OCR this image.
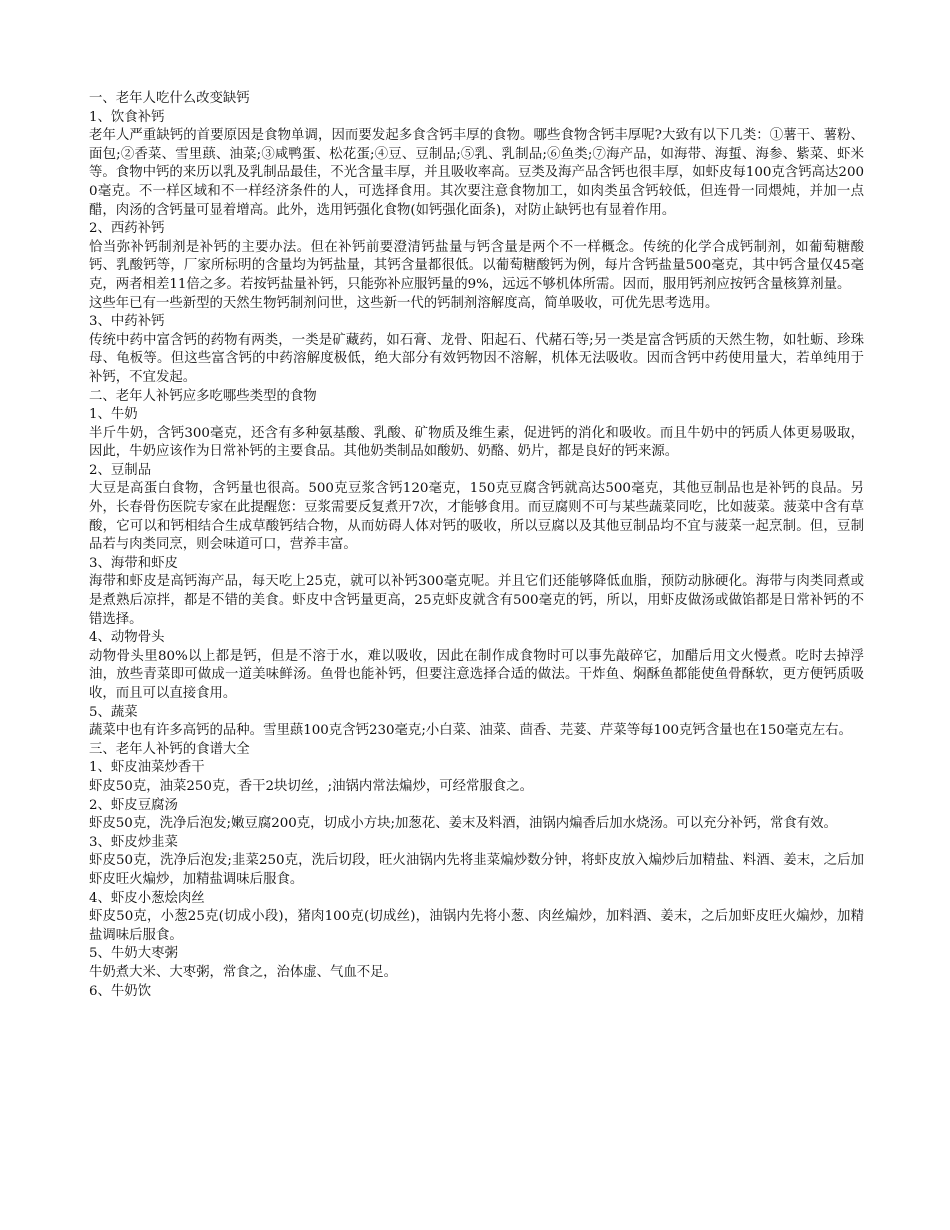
一、老年人吃什么改变缺钙

1、饮食补钙

老年人严重缺钙的首要原因是食物单调，因而要发起多食含钙丰厚的食物。哪些食物含钙丰厚呢?大致有以下几类：①薯干、薯粉、面包;②香菜、雪里蕻、油菜;③咸鸭蛋、松花蛋;④豆、豆制品;⑤乳、乳制品;⑥鱼类;⑦海产品，如海带、海蜇、海参、紫菜、虾米等。食物中钙的来历以乳及乳制品最佳，不光含量丰厚，并且吸收率高。豆类及海产品含钙也很丰厚，如虾皮每100克含钙高达2000毫克。不一样区域和不一样经济条件的人，可选择食用。其次要注意食物加工，如肉类虽含钙较低，但连骨一同煨炖，并加一点醋，肉汤的含钙量可显着增高。此外，选用钙强化食物(如钙强化面条)，对防止缺钙也有显着作用。

2、西药补钙

恰当弥补钙制剂是补钙的主要办法。但在补钙前要澄清钙盐量与钙含量是两个不一样概念。传统的化学合成钙制剂，如葡萄糖酸钙、乳酸钙等，厂家所标明的含量均为钙盐量，其钙含量都很低。以葡萄糖酸钙为例，每片含钙盐量500毫克，其中钙含量仅45毫克，两者相差11倍之多。若按钙盐量补钙，只能弥补应服钙量的9%，远远不够机体所需。因而，服用钙剂应按钙含量核算剂量。

这些年已有一些新型的天然生物钙制剂问世，这些新一代的钙制剂溶解度高，简单吸收，可优先思考选用。

3、中药补钙

传统中药中富含钙的药物有两类，一类是矿藏药，如石膏、龙骨、阳起石、代赭石等;另一类是富含钙质的天然生物，如牡蛎、珍珠母、龟板等。但这些富含钙的中药溶解度极低，绝大部分有效钙物因不溶解，机体无法吸收。因而含钙中药使用量大，若单纯用于补钙，不宜发起。

二、老年人补钙应多吃哪些类型的食物

1、牛奶

半斤牛奶，含钙300毫克，还含有多种氨基酸、乳酸、矿物质及维生素，促进钙的消化和吸收。而且牛奶中的钙质人体更易吸取，因此，牛奶应该作为日常补钙的主要食品。其他奶类制品如酸奶、奶酪、奶片，都是良好的钙来源。

2、豆制品

大豆是高蛋白食物，含钙量也很高。500克豆浆含钙120毫克，150克豆腐含钙就高达500毫克，其他豆制品也是补钙的良品。另外，长春骨伤医院专家在此提醒您：豆浆需要反复煮开7次，才能够食用。而豆腐则不可与某些蔬菜同吃，比如菠菜。菠菜中含有草酸，它可以和钙相结合生成草酸钙结合物，从而妨碍人体对钙的吸收，所以豆腐以及其他豆制品均不宜与菠菜一起烹制。但，豆制品若与肉类同烹，则会味道可口，营养丰富。

3、海带和虾皮

海带和虾皮是高钙海产品，每天吃上25克，就可以补钙300毫克呢。并且它们还能够降低血脂，预防动脉硬化。海带与肉类同煮或是煮熟后凉拌，都是不错的美食。虾皮中含钙量更高，25克虾皮就含有500毫克的钙，所以，用虾皮做汤或做馅都是日常补钙的不错选择。

4、动物骨头

动物骨头里80%以上都是钙，但是不溶于水，难以吸收，因此在制作成食物时可以事先敲碎它，加醋后用文火慢煮。吃时去掉浮油，放些青菜即可做成一道美味鲜汤。鱼骨也能补钙，但要注意选择合适的做法。干炸鱼、焖酥鱼都能使鱼骨酥软，更方便钙质吸收，而且可以直接食用。

5、蔬菜

蔬菜中也有许多高钙的品种。雪里蕻100克含钙230毫克;小白菜、油菜、茴香、芫荽、芹菜等每100克钙含量也在150毫克左右。

三、老年人补钙的食谱大全

1、虾皮油菜炒香干

虾皮50克，油菜250克，香干2块切丝，;油锅内常法煸炒，可经常服食之。

2、虾皮豆腐汤

虾皮50克，洗净后泡发;嫩豆腐200克，切成小方块;加葱花、姜末及料酒，油锅内煸香后加水烧汤。可以充分补钙，常食有效。

3、虾皮炒韭菜

虾皮50克，洗净后泡发;韭菜250克，洗后切段，旺火油锅内先将韭菜煸炒数分钟，将虾皮放入煸炒后加精盐、料酒、姜末，之后加虾皮旺火煸炒，加精盐调味后服食。

4、虾皮小葱烩肉丝

虾皮50克，小葱25克(切成小段)，猪肉100克(切成丝)，油锅内先将小葱、肉丝煸炒，加料酒、姜末，之后加虾皮旺火煸炒，加精盐调味后服食。

5、牛奶大枣粥

牛奶煮大米、大枣粥，常食之，治体虚、气血不足。

6、牛奶饮
